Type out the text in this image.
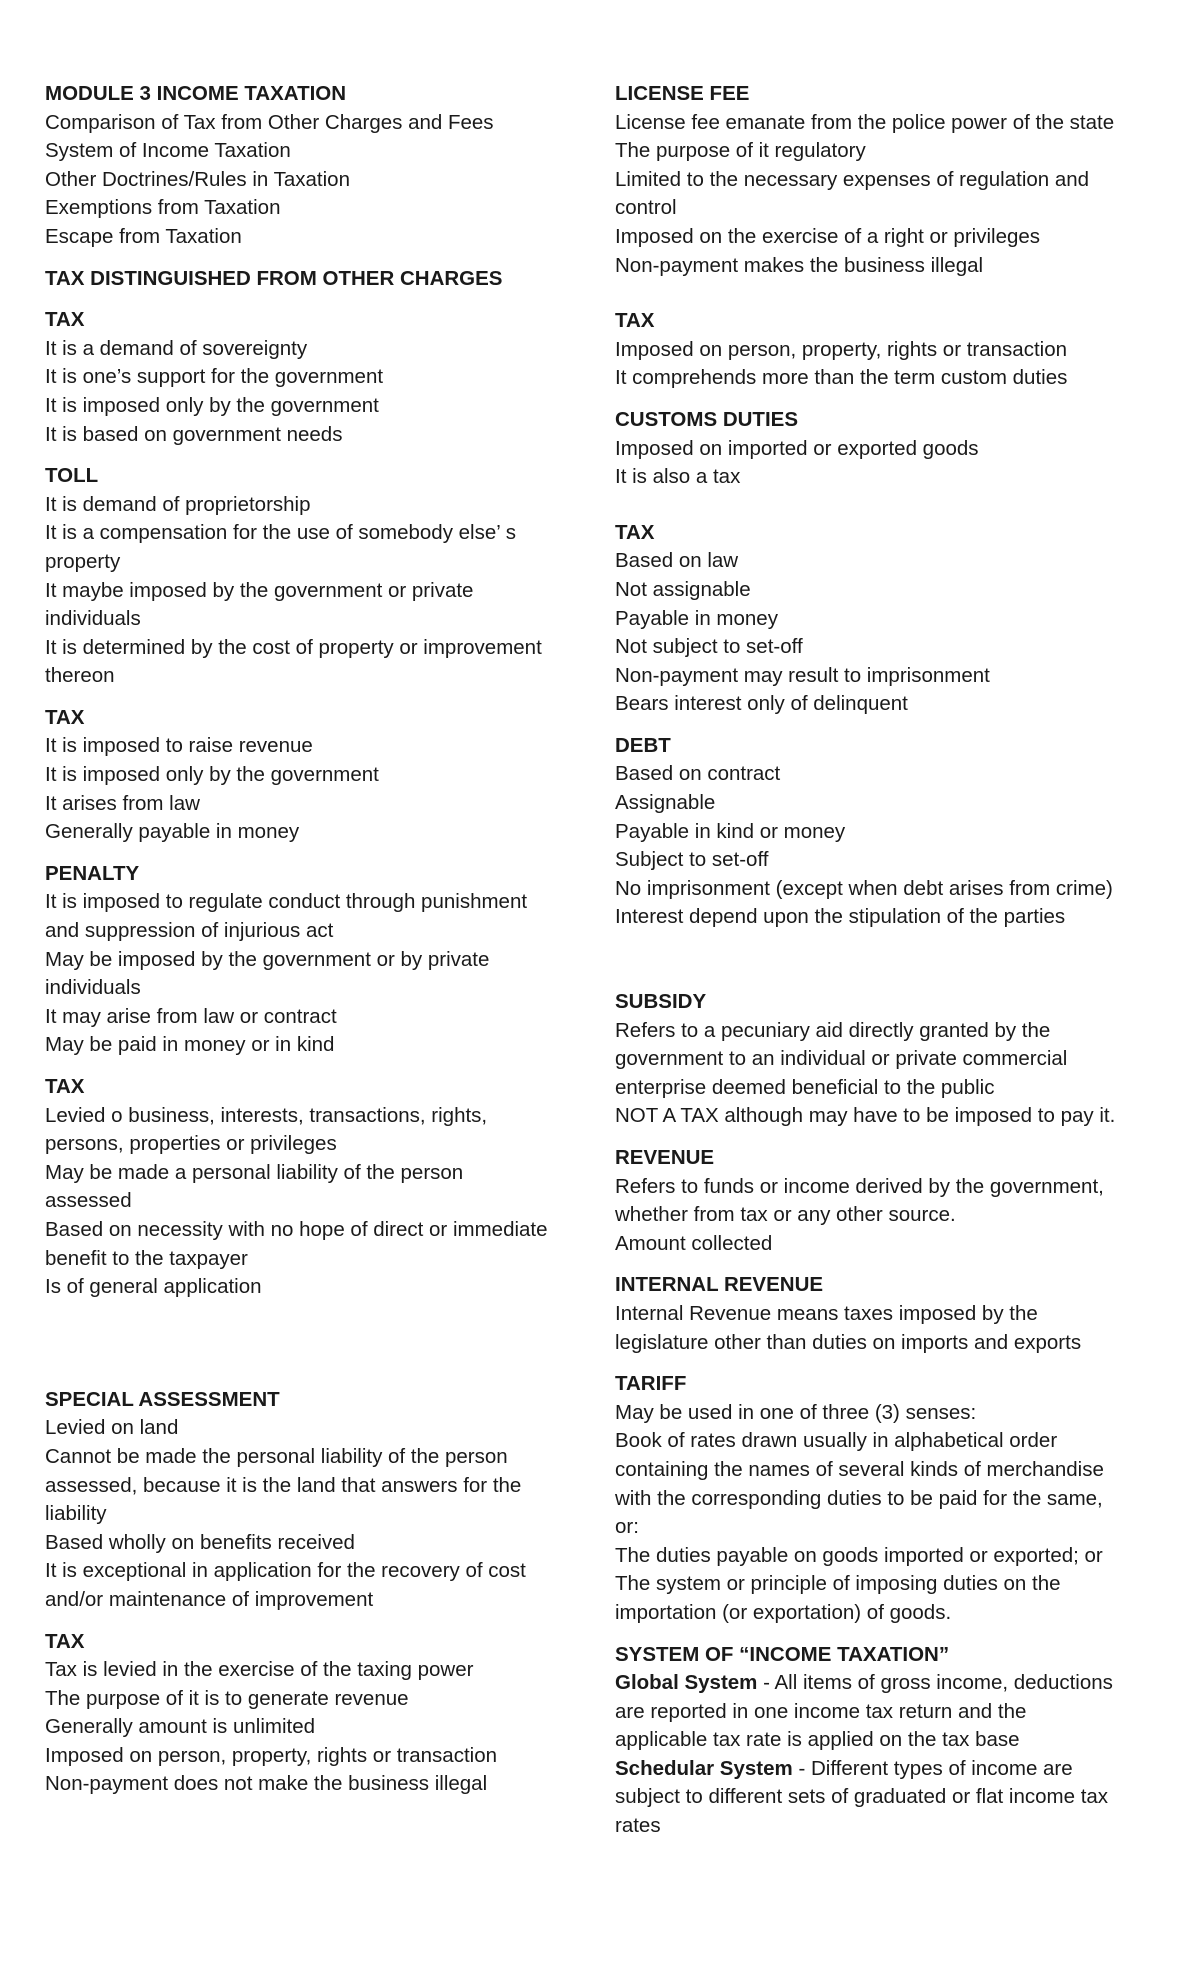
MODULE 3 INCOME TAXATION
Comparison of Tax from Other Charges and Fees
System of Income Taxation
Other Doctrines/Rules in Taxation
Exemptions from Taxation
Escape from Taxation
TAX DISTINGUISHED FROM OTHER CHARGES
TAX
It is a demand of sovereignty
It is one’s support for the government
It is imposed only by the government
It is based on government needs
TOLL
It is demand of proprietorship
It is a compensation for the use of somebody else’ s
property
It maybe imposed by the government or private
individuals
It is determined by the cost of property or improvement
thereon
TAX
It is imposed to raise revenue
It is imposed only by the government
It arises from law
Generally payable in money
PENALTY
It is imposed to regulate conduct through punishment
and suppression of injurious act
May be imposed by the government or by private
individuals
It may arise from law or contract
May be paid in money or in kind
TAX
Levied o business, interests, transactions, rights,
persons, properties or privileges
May be made a personal liability of the person
assessed
Based on necessity with no hope of direct or immediate
benefit to the taxpayer
Is of general application
SPECIAL ASSESSMENT
Levied on land
Cannot be made the personal liability of the person
assessed, because it is the land that answers for the
liability
Based wholly on benefits received
It is exceptional in application for the recovery of cost
and/or maintenance of improvement
TAX
Tax is levied in the exercise of the taxing power
The purpose of it is to generate revenue
Generally amount is unlimited
Imposed on person, property, rights or transaction
Non-payment does not make the business illegal
LICENSE FEE
License fee emanate from the police power of the state
The purpose of it regulatory
Limited to the necessary expenses of regulation and
control
Imposed on the exercise of a right or privileges
Non-payment makes the business illegal
TAX
Imposed on person, property, rights or transaction
It comprehends more than the term custom duties
CUSTOMS DUTIES
Imposed on imported or exported goods
It is also a tax
TAX
Based on law
Not assignable
Payable in money
Not subject to set-off
Non-payment may result to imprisonment
Bears interest only of delinquent
DEBT
Based on contract
Assignable
Payable in kind or money
Subject to set-off
No imprisonment (except when debt arises from crime)
Interest depend upon the stipulation of the parties
SUBSIDY
Refers to a pecuniary aid directly granted by the
government to an individual or private commercial
enterprise deemed beneficial to the public
NOT A TAX although may have to be imposed to pay it.
REVENUE
Refers to funds or income derived by the government,
whether from tax or any other source.
Amount collected
INTERNAL REVENUE
Internal Revenue means taxes imposed by the
legislature other than duties on imports and exports
TARIFF
May be used in one of three (3) senses:
Book of rates drawn usually in alphabetical order
containing the names of several kinds of merchandise
with the corresponding duties to be paid for the same,
or:
The duties payable on goods imported or exported; or
The system or principle of imposing duties on the
importation (or exportation) of goods.
SYSTEM OF “INCOME TAXATION”
Global System - All items of gross income, deductions
are reported in one income tax return and the
applicable tax rate is applied on the tax base
Schedular System - Different types of income are
subject to different sets of graduated or flat income tax
rates
